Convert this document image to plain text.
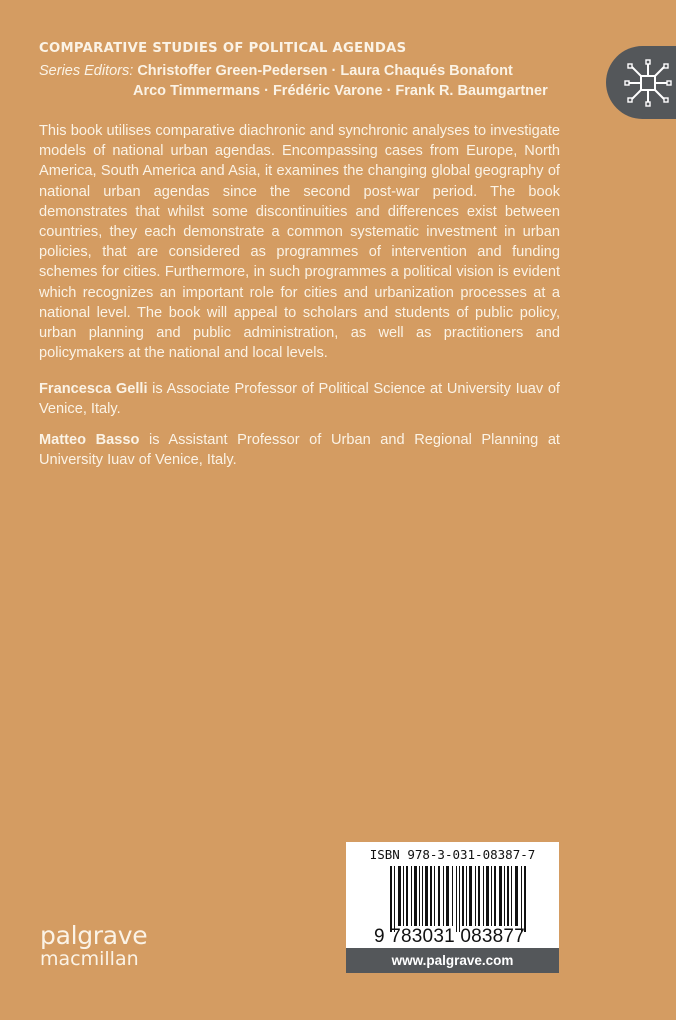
COMPARATIVE STUDIES OF POLITICAL AGENDAS
Series Editors: Christoffer Green-Pedersen · Laura Chaqués Bonafont
Arco Timmermans · Frédéric Varone · Frank R. Baumgartner

This book utilises comparative diachronic and synchronic analyses to investigate models of national urban agendas. Encompassing cases from Europe, North America, South America and Asia, it examines the changing global geography of national urban agendas since the second post-war period. The book demonstrates that whilst some discontinuities and differences exist between countries, they each demonstrate a common systematic investment in urban policies, that are considered as programmes of intervention and funding schemes for cities. Furthermore, in such programmes a political vision is evident which recognizes an important role for cities and urbanization processes at a national level. The book will appeal to scholars and students of public policy, urban planning and public administration, as well as practitioners and policymakers at the national and local levels.

Francesca Gelli is Associate Professor of Political Science at University Iuav of Venice, Italy.

Matteo Basso is Assistant Professor of Urban and Regional Planning at University Iuav of Venice, Italy.

ISBN 978-3-031-08387-7
9 783031 083877
www.palgrave.com
palgrave
macmillan
